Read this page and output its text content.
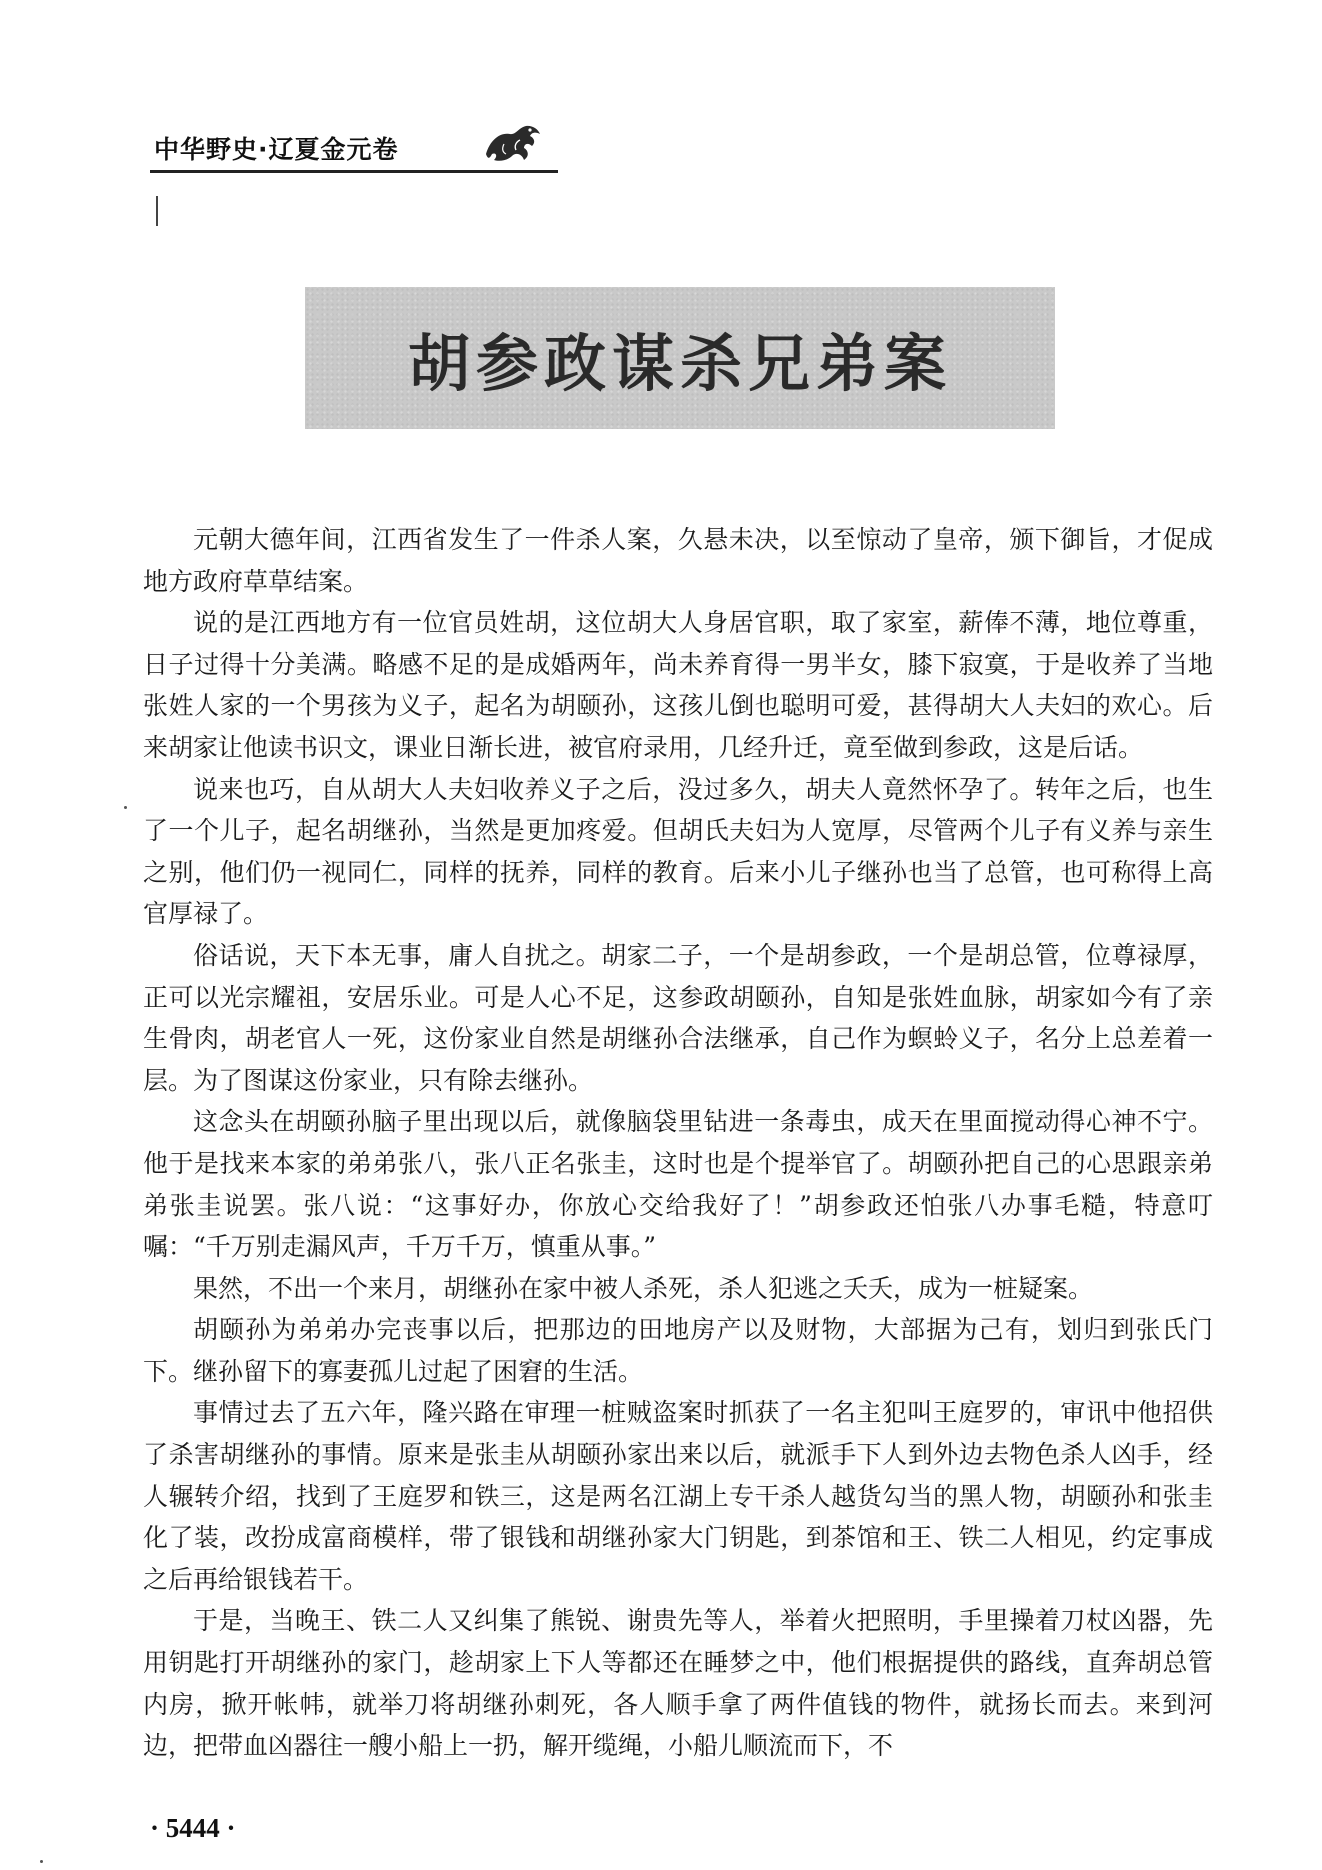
中华野史·辽夏金元卷
胡参政谋杀兄弟案

元朝大德年间，江西省发生了一件杀人案，久悬未决，以至惊动了皇帝，颁下御旨，才促成地方政府草草结案。

说的是江西地方有一位官员姓胡，这位胡大人身居官职，取了家室，薪俸不薄，地位尊重，日子过得十分美满。略感不足的是成婚两年，尚未养育得一男半女，膝下寂寞，于是收养了当地张姓人家的一个男孩为义子，起名为胡颐孙，这孩儿倒也聪明可爱，甚得胡大人夫妇的欢心。后来胡家让他读书识文，课业日渐长进，被官府录用，几经升迁，竟至做到参政，这是后话。

说来也巧，自从胡大人夫妇收养义子之后，没过多久，胡夫人竟然怀孕了。转年之后，也生了一个儿子，起名胡继孙，当然是更加疼爱。但胡氏夫妇为人宽厚，尽管两个儿子有义养与亲生之别，他们仍一视同仁，同样的抚养，同样的教育。后来小儿子继孙也当了总管，也可称得上高官厚禄了。

俗话说，天下本无事，庸人自扰之。胡家二子，一个是胡参政，一个是胡总管，位尊禄厚，正可以光宗耀祖，安居乐业。可是人心不足，这参政胡颐孙，自知是张姓血脉，胡家如今有了亲生骨肉，胡老官人一死，这份家业自然是胡继孙合法继承，自己作为螟蛉义子，名分上总差着一层。为了图谋这份家业，只有除去继孙。

这念头在胡颐孙脑子里出现以后，就像脑袋里钻进一条毒虫，成天在里面搅动得心神不宁。他于是找来本家的弟弟张八，张八正名张圭，这时也是个提举官了。胡颐孙把自己的心思跟亲弟弟张圭说罢。张八说：“这事好办，你放心交给我好了！”胡参政还怕张八办事毛糙，特意叮嘱：“千万别走漏风声，千万千万，慎重从事。”

果然，不出一个来月，胡继孙在家中被人杀死，杀人犯逃之夭夭，成为一桩疑案。

胡颐孙为弟弟办完丧事以后，把那边的田地房产以及财物，大部据为己有，划归到张氏门下。继孙留下的寡妻孤儿过起了困窘的生活。

事情过去了五六年，隆兴路在审理一桩贼盗案时抓获了一名主犯叫王庭罗的，审讯中他招供了杀害胡继孙的事情。原来是张圭从胡颐孙家出来以后，就派手下人到外边去物色杀人凶手，经人辗转介绍，找到了王庭罗和铁三，这是两名江湖上专干杀人越货勾当的黑人物，胡颐孙和张圭化了装，改扮成富商模样，带了银钱和胡继孙家大门钥匙，到茶馆和王、铁二人相见，约定事成之后再给银钱若干。

于是，当晚王、铁二人又纠集了熊锐、谢贵先等人，举着火把照明，手里操着刀杖凶器，先用钥匙打开胡继孙的家门，趁胡家上下人等都还在睡梦之中，他们根据提供的路线，直奔胡总管内房，掀开帐帏，就举刀将胡继孙刺死，各人顺手拿了两件值钱的物件，就扬长而去。来到河边，把带血凶器往一艘小船上一扔，解开缆绳，小船儿顺流而下，不

· 5444 ·
